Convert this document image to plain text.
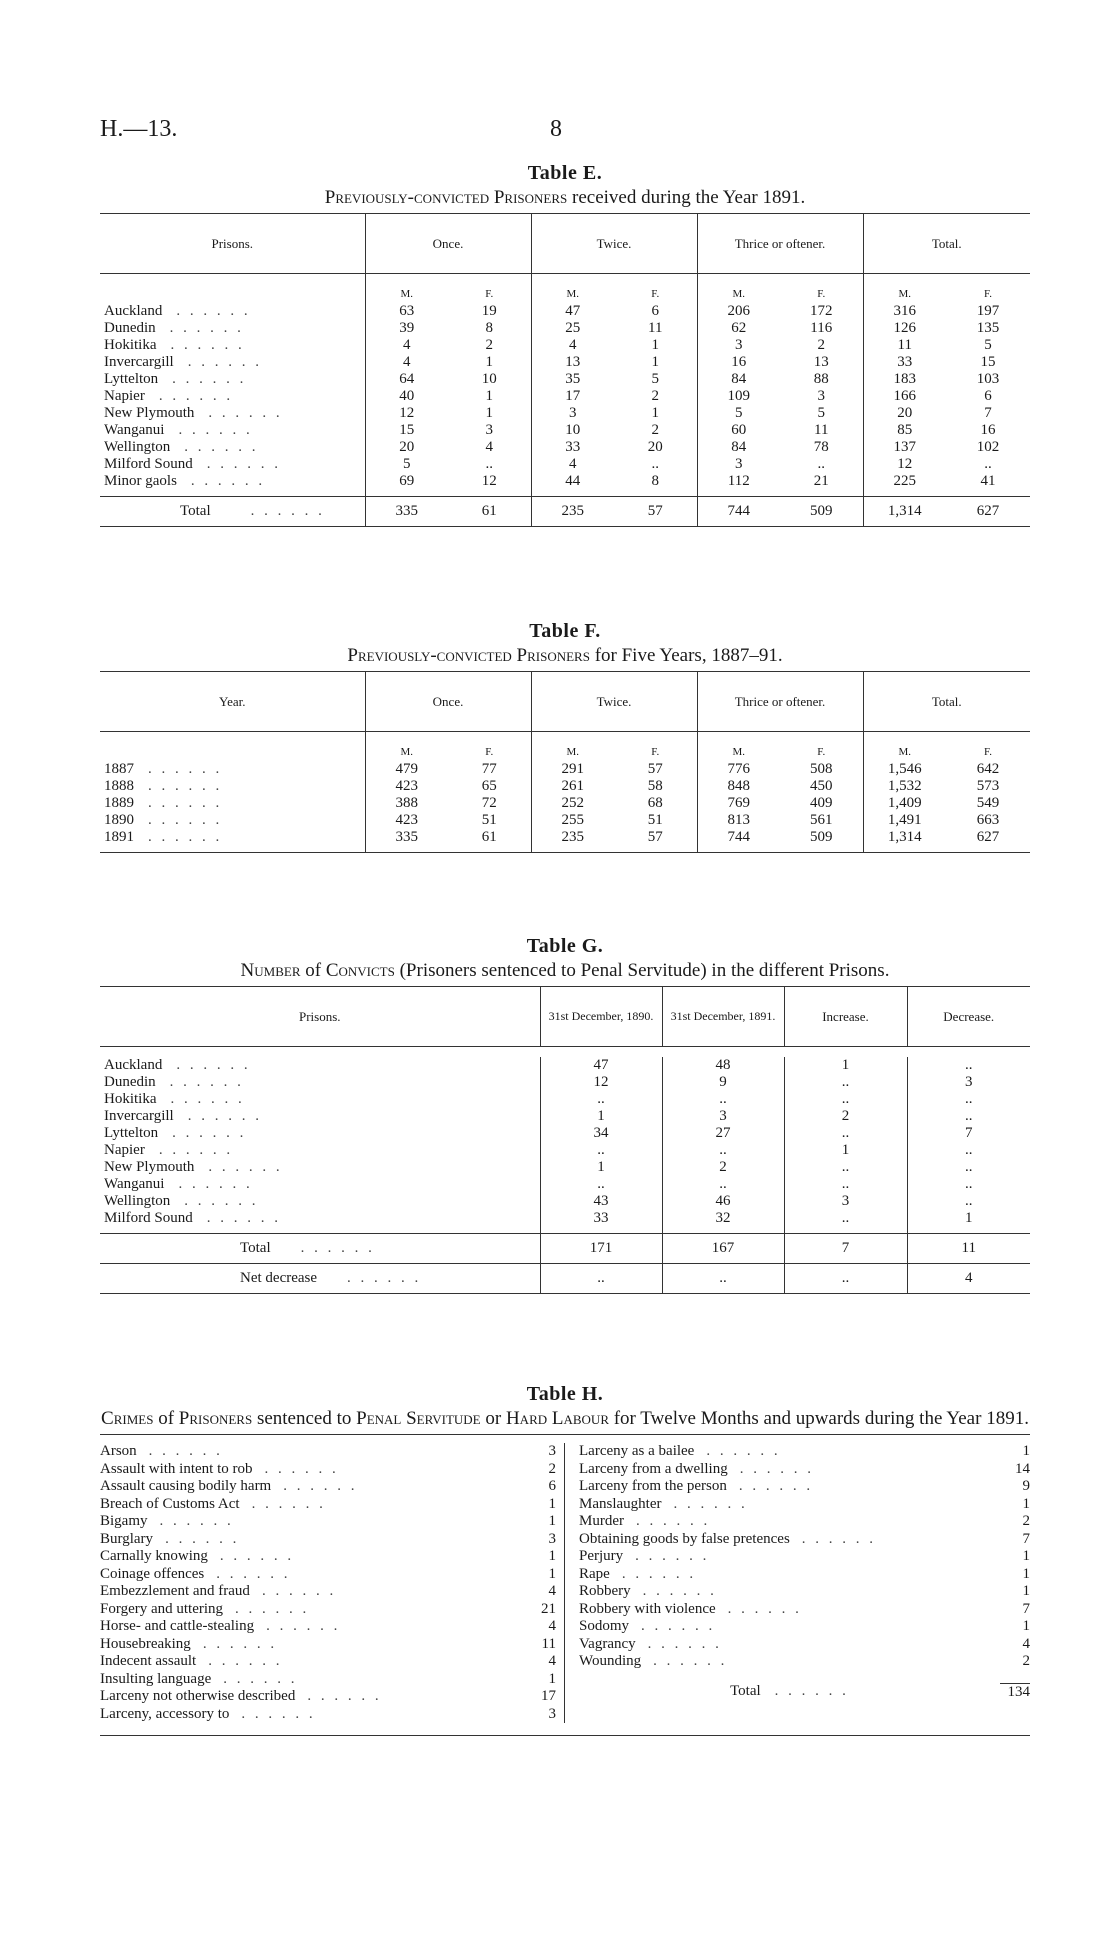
H.—13.	8

Table E.

Previously-convicted Prisoners received during the Year 1891.

Prisons.	Once.		Twice.		Thrice or oftener.		Total.	
	M.	F.	M.	F.	M.	F.	M.	F.
Auckland . . . . . .	63	19	47	6	206	172	316	197
Dunedin . . . . . .	39	8	25	11	62	116	126	135
Hokitika . . . . . .	4	2	4	1	3	2	11	5
Invercargill . . . . . .	4	1	13	1	16	13	33	15
Lyttelton . . . . . .	64	10	35	5	84	88	183	103
Napier . . . . . .	40	1	17	2	109	3	166	6
New Plymouth . . . . . .	12	1	3	1	5	5	20	7
Wanganui . . . . . .	15	3	10	2	60	11	85	16
Wellington . . . . . .	20	4	33	20	84	78	137	102
Milford Sound . . . . . .	5	..	4	..	3	..	12	..
Minor gaols . . . . . .	69	12	44	8	112	21	225	41
Total . . . . . .	335	61	235	57	744	509	1,314	627

Table F.

Previously-convicted Prisoners for Five Years, 1887–91.

Year.	Once.		Twice.		Thrice or oftener.		Total.	
	M.	F.	M.	F.	M.	F.	M.	F.
1887 . . . . . .	479	77	291	57	776	508	1,546	642
1888 . . . . . .	423	65	261	58	848	450	1,532	573
1889 . . . . . .	388	72	252	68	769	409	1,409	549
1890 . . . . . .	423	51	255	51	813	561	1,491	663
1891 . . . . . .	335	61	235	57	744	509	1,314	627

Table G.

Number of Convicts (Prisoners sentenced to Penal Servitude) in the different Prisons.

Prisons.	31st December, 1890.	31st December, 1891.	Increase.	Decrease.

Auckland . . . . . .	47	48	1	..
Dunedin . . . . . .	12	9	..	3
Hokitika . . . . . .	..	..	..	..
Invercargill . . . . . .	1	3	2	..
Lyttelton . . . . . .	34	27	..	7
Napier . . . . . .	..	..	1	..
New Plymouth . . . . . .	1	2	..	..
Wanganui . . . . . .	..	..	..	..
Wellington . . . . . .	43	46	3	..
Milford Sound . . . . . .	33	32	..	1
Total . . . . . .	171	167	7	11
Net decrease . . . . . .	..	..	..	4

Table H.

Crimes of Prisoners sentenced to Penal Servitude or Hard Labour for Twelve Months and upwards during the Year 1891.

Arson . . . . . .	3
Assault with intent to rob . . . . . .	2
Assault causing bodily harm . . . . . .	6
Breach of Customs Act . . . . . .	1
Bigamy . . . . . .	1
Burglary . . . . . .	3
Carnally knowing . . . . . .	1
Coinage offences . . . . . .	1
Embezzlement and fraud . . . . . .	4
Forgery and uttering . . . . . .	21
Horse- and cattle-stealing . . . . . .	4
Housebreaking . . . . . .	11
Indecent assault . . . . . .	4
Insulting language . . . . . .	1
Larceny not otherwise described . . . . . .	17
Larceny, accessory to . . . . . .	3
Larceny as a bailee . . . . . .	1
Larceny from a dwelling . . . . . .	14
Larceny from the person . . . . . .	9
Manslaughter . . . . . .	1
Murder . . . . . .	2
Obtaining goods by false pretences . . . . . .	7
Perjury . . . . . .	1
Rape . . . . . .	1
Robbery . . . . . .	1
Robbery with violence . . . . . .	7
Sodomy . . . . . .	1
Vagrancy . . . . . .	4
Wounding . . . . . .	2
Total . . . . . .	134
